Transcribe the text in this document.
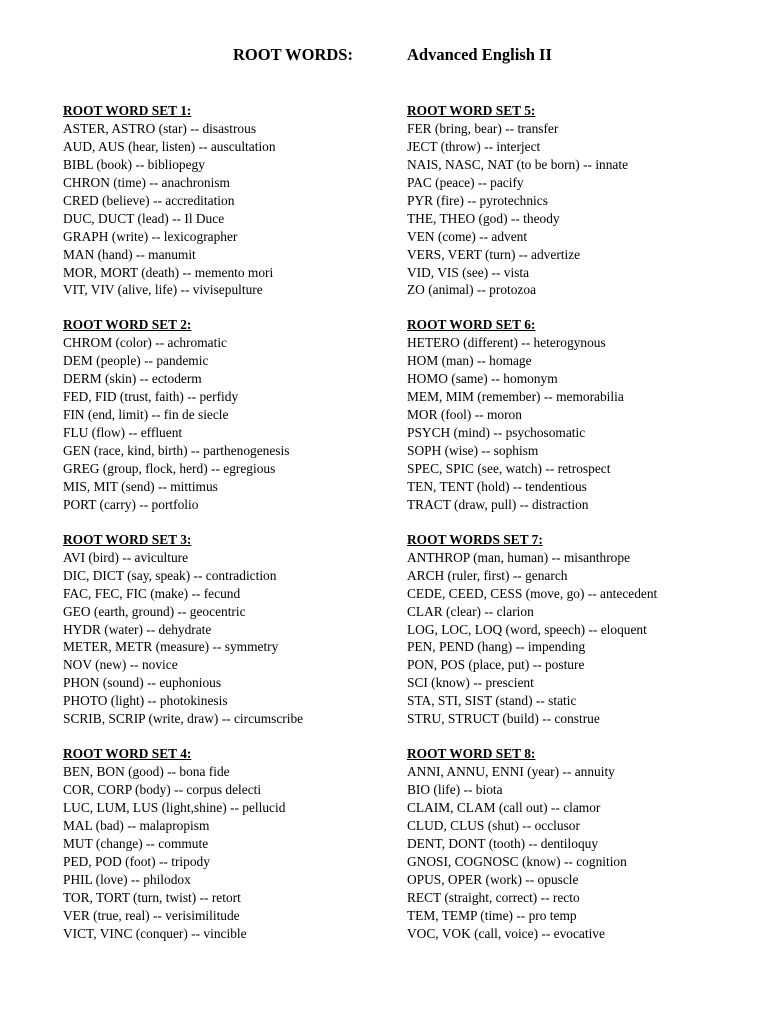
ROOT WORDS:	Advanced English II
ROOT WORD SET 1:
ASTER, ASTRO (star) -- disastrous
AUD, AUS (hear, listen) -- auscultation
BIBL (book) -- bibliopegy
CHRON (time) -- anachronism
CRED (believe) -- accreditation
DUC, DUCT (lead) -- Il Duce
GRAPH (write) -- lexicographer
MAN (hand) -- manumit
MOR, MORT (death) -- memento mori
VIT, VIV (alive, life) -- vivisepulture
ROOT WORD SET 2:
CHROM (color) -- achromatic
DEM (people) -- pandemic
DERM (skin) -- ectoderm
FED, FID (trust, faith) -- perfidy
FIN (end, limit) -- fin de siecle
FLU (flow) -- effluent
GEN (race, kind, birth) -- parthenogenesis
GREG (group, flock, herd) -- egregious
MIS, MIT (send) -- mittimus
PORT (carry) -- portfolio
ROOT WORD SET 3:
AVI (bird) -- aviculture
DIC, DICT (say, speak) -- contradiction
FAC, FEC, FIC (make) -- fecund
GEO (earth, ground) -- geocentric
HYDR (water) -- dehydrate
METER, METR (measure) -- symmetry
NOV (new) -- novice
PHON (sound) -- euphonious
PHOTO (light) -- photokinesis
SCRIB, SCRIP (write, draw) -- circumscribe
ROOT WORD SET 4:
BEN, BON (good) -- bona fide
COR, CORP (body) -- corpus delecti
LUC, LUM, LUS (light,shine) -- pellucid
MAL (bad) -- malapropism
MUT (change) -- commute
PED, POD (foot) -- tripody
PHIL (love) -- philodox
TOR, TORT (turn, twist) -- retort
VER (true, real) -- verisimilitude
VICT, VINC (conquer) -- vincible
ROOT WORD SET 5:
FER (bring, bear) -- transfer
JECT (throw) -- interject
NAIS, NASC, NAT (to be born) -- innate
PAC (peace) -- pacify
PYR (fire) -- pyrotechnics
THE, THEO (god) -- theody
VEN (come) -- advent
VERS, VERT (turn) -- advertize
VID, VIS (see) -- vista
ZO (animal) -- protozoa
ROOT WORD SET 6:
HETERO (different) -- heterogynous
HOM (man) -- homage
HOMO (same) -- homonym
MEM, MIM (remember) -- memorabilia
MOR (fool) -- moron
PSYCH (mind) -- psychosomatic
SOPH (wise) -- sophism
SPEC, SPIC (see, watch) -- retrospect
TEN, TENT (hold) -- tendentious
TRACT (draw, pull) -- distraction
ROOT WORDS SET 7:
ANTHROP (man, human) -- misanthrope
ARCH (ruler, first) -- genarch
CEDE, CEED, CESS (move, go) -- antecedent
CLAR (clear) -- clarion
LOG, LOC, LOQ (word, speech) -- eloquent
PEN, PEND (hang) -- impending
PON, POS (place, put) -- posture
SCI (know) -- prescient
STA, STI, SIST (stand) -- static
STRU, STRUCT (build) -- construe
ROOT WORD SET 8:
ANNI, ANNU, ENNI (year) -- annuity
BIO (life) -- biota
CLAIM, CLAM (call out) -- clamor
CLUD, CLUS (shut) -- occlusor
DENT, DONT (tooth) -- dentiloquy
GNOSI, COGNOSC (know) -- cognition
OPUS, OPER (work) -- opuscle
RECT (straight, correct) -- recto
TEM, TEMP (time) -- pro temp
VOC, VOK (call, voice) -- evocative
